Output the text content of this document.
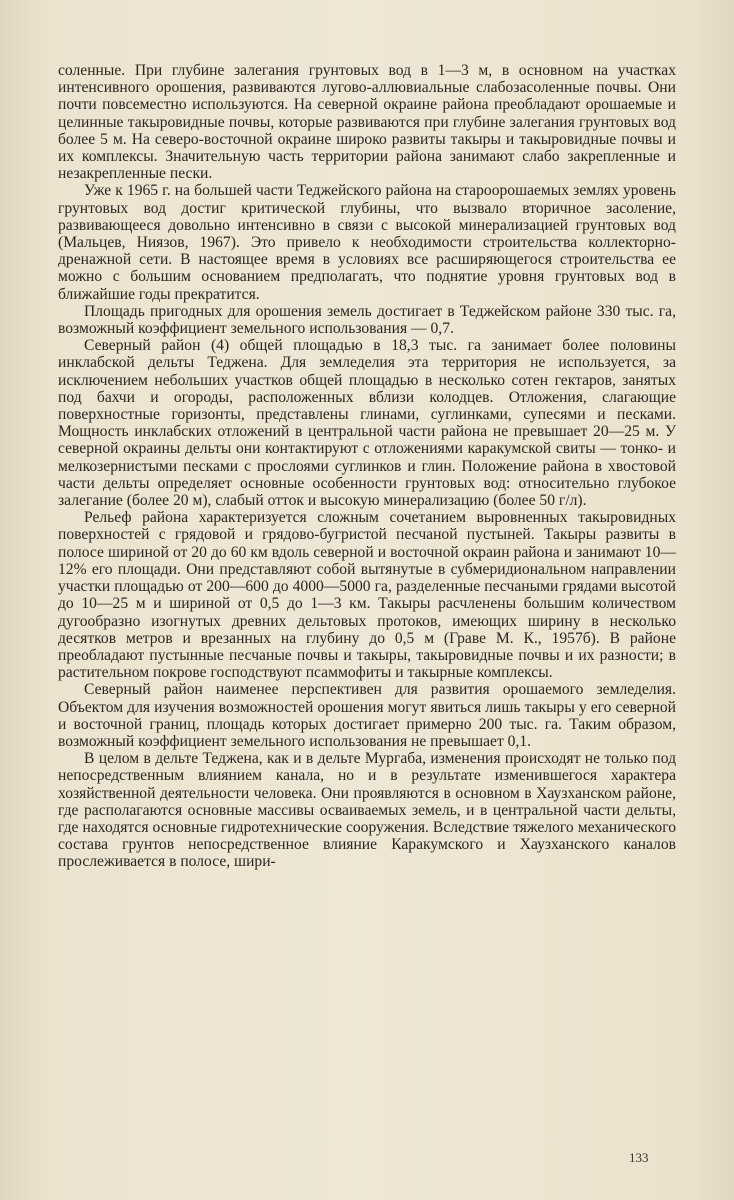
соленные. При глубине залегания грунтовых вод в 1—3 м, в основном на участках интенсивного орошения, развиваются лугово-аллювиальные слабозасоленные почвы. Они почти повсеместно используются. На северной окраине района преобладают орошаемые и целинные такыровидные почвы, которые развиваются при глубине залегания грунтовых вод более 5 м. На северо-восточной окраине широко развиты такыры и такыровидные почвы и их комплексы. Значительную часть территории района занимают слабо закрепленные и незакрепленные пески.

Уже к 1965 г. на большей части Теджейского района на староорошаемых землях уровень грунтовых вод достиг критической глубины, что вызвало вторичное засоление, развивающееся довольно интенсивно в связи с высокой минерализацией грунтовых вод (Мальцев, Ниязов, 1967). Это привело к необходимости строительства коллекторно-дренажной сети. В настоящее время в условиях все расширяющегося строительства ее можно с большим основанием предполагать, что поднятие уровня грунтовых вод в ближайшие годы прекратится.

Площадь пригодных для орошения земель достигает в Теджейском районе 330 тыс. га, возможный коэффициент земельного использования — 0,7.

Северный район (4) общей площадью в 18,3 тыс. га занимает более половины инклабской дельты Теджена. Для земледелия эта территория не используется, за исключением небольших участков общей площадью в несколько сотен гектаров, занятых под бахчи и огороды, расположенных вблизи колодцев. Отложения, слагающие поверхностные горизонты, представлены глинами, суглинками, супесями и песками. Мощность инклабских отложений в центральной части района не превышает 20—25 м. У северной окраины дельты они контактируют с отложениями каракумской свиты — тонко- и мелкозернистыми песками с прослоями суглинков и глин. Положение района в хвостовой части дельты определяет основные особенности грунтовых вод: относительно глубокое залегание (более 20 м), слабый отток и высокую минерализацию (более 50 г/л).

Рельеф района характеризуется сложным сочетанием выровненных такыровидных поверхностей с грядовой и грядово-бугристой песчаной пустыней. Такыры развиты в полосе шириной от 20 до 60 км вдоль северной и восточной окраин района и занимают 10—12% его площади. Они представляют собой вытянутые в субмеридиональном направлении участки площадью от 200—600 до 4000—5000 га, разделенные песчаными грядами высотой до 10—25 м и шириной от 0,5 до 1—3 км. Такыры расчленены большим количеством дугообразно изогнутых древних дельтовых протоков, имеющих ширину в несколько десятков метров и врезанных на глубину до 0,5 м (Граве М. К., 1957б). В районе преобладают пустынные песчаные почвы и такыры, такыровидные почвы и их разности; в растительном покрове господствуют псаммофиты и такырные комплексы.

Северный район наименее перспективен для развития орошаемого земледелия. Объектом для изучения возможностей орошения могут явиться лишь такыры у его северной и восточной границ, площадь которых достигает примерно 200 тыс. га. Таким образом, возможный коэффициент земельного использования не превышает 0,1.

В целом в дельте Теджена, как и в дельте Мургаба, изменения происходят не только под непосредственным влиянием канала, но и в результате изменившегося характера хозяйственной деятельности человека. Они проявляются в основном в Хаузханском районе, где располагаются основные массивы осваиваемых земель, и в центральной части дельты, где находятся основные гидротехнические сооружения. Вследствие тяжелого механического состава грунтов непосредственное влияние Каракумского и Хаузханского каналов прослеживается в полосе, шири-

133
